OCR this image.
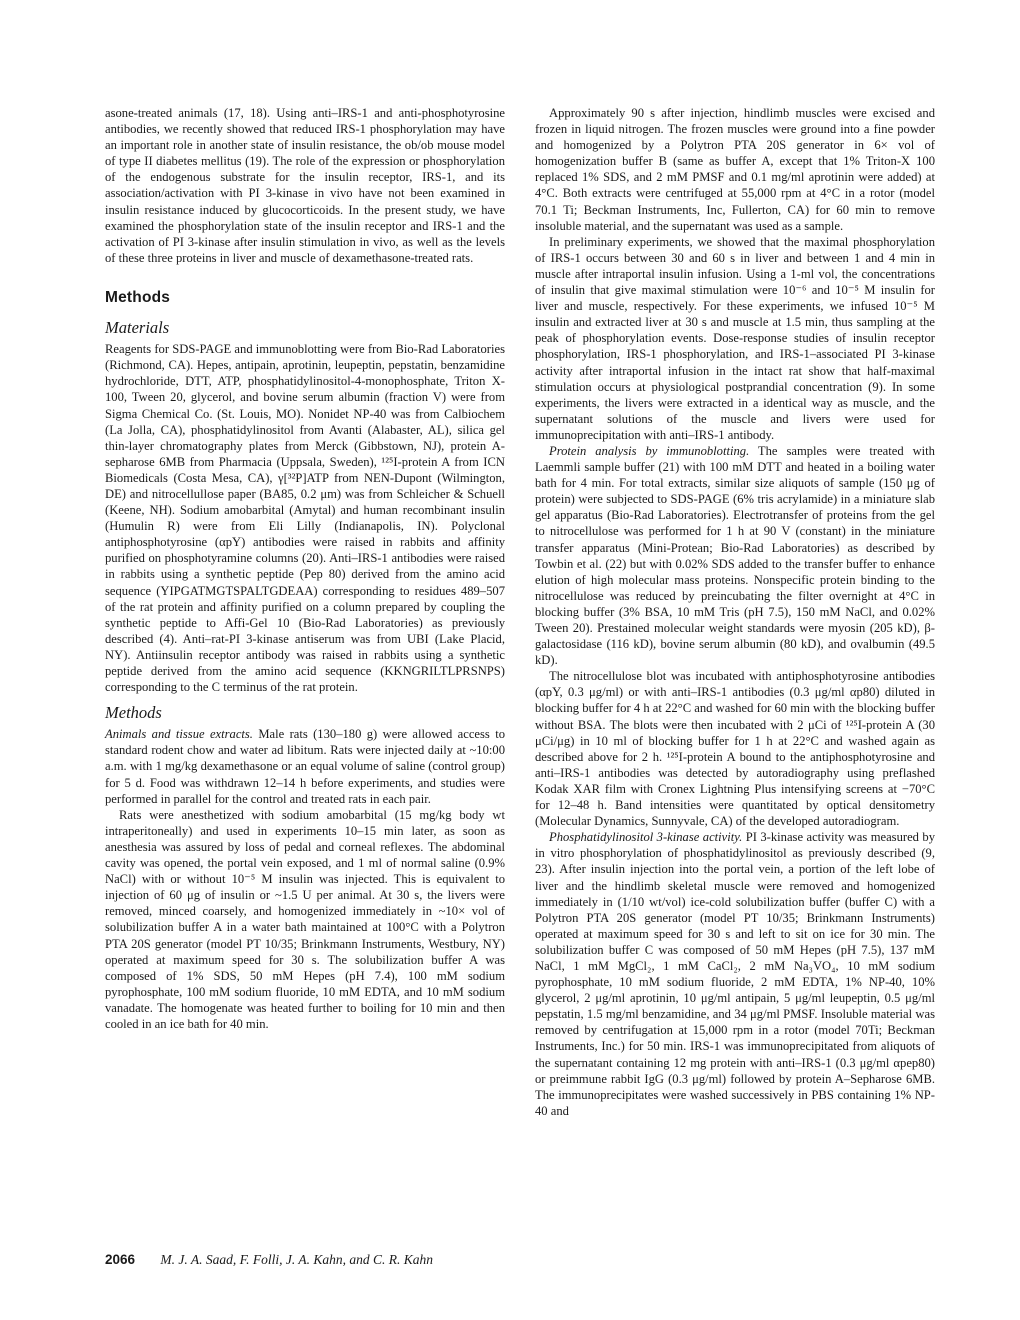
asone-treated animals (17, 18). Using anti–IRS-1 and anti-phosphotyrosine antibodies, we recently showed that reduced IRS-1 phosphorylation may have an important role in another state of insulin resistance, the ob/ob mouse model of type II diabetes mellitus (19). The role of the expression or phosphorylation of the endogenous substrate for the insulin receptor, IRS-1, and its association/activation with PI 3-kinase in vivo have not been examined in insulin resistance induced by glucocorticoids. In the present study, we have examined the phosphorylation state of the insulin receptor and IRS-1 and the activation of PI 3-kinase after insulin stimulation in vivo, as well as the levels of these three proteins in liver and muscle of dexamethasone-treated rats.

Methods
Materials

Reagents for SDS-PAGE and immunoblotting were from Bio-Rad Laboratories (Richmond, CA). Hepes, antipain, aprotinin, leupeptin, pepstatin, benzamidine hydrochloride, DTT, ATP, phosphatidylinositol-4-monophosphate, Triton X-100, Tween 20, glycerol, and bovine serum albumin (fraction V) were from Sigma Chemical Co. (St. Louis, MO). Nonidet NP-40 was from Calbiochem (La Jolla, CA), phosphatidylinositol from Avanti (Alabaster, AL), silica gel thin-layer chromatography plates from Merck (Gibbstown, NJ), protein A-sepharose 6MB from Pharmacia (Uppsala, Sweden), ¹²⁵I-protein A from ICN Biomedicals (Costa Mesa, CA), γ[³²P]ATP from NEN-Dupont (Wilmington, DE) and nitrocellullose paper (BA85, 0.2 μm) was from Schleicher & Schuell (Keene, NH). Sodium amobarbital (Amytal) and human recombinant insulin (Humulin R) were from Eli Lilly (Indianapolis, IN). Polyclonal antiphosphotyrosine (αpY) antibodies were raised in rabbits and affinity purified on phosphotyramine columns (20). Anti–IRS-1 antibodies were raised in rabbits using a synthetic peptide (Pep 80) derived from the amino acid sequence (YIPGATMGTSPALTGDEAA) corresponding to residues 489–507 of the rat protein and affinity purified on a column prepared by coupling the synthetic peptide to Affi-Gel 10 (Bio-Rad Laboratories) as previously described (4). Anti–rat-PI 3-kinase antiserum was from UBI (Lake Placid, NY). Antiinsulin receptor antibody was raised in rabbits using a synthetic peptide derived from the amino acid sequence (KKNGRILTLPRSNPS) corresponding to the C terminus of the rat protein.

Methods

Animals and tissue extracts. Male rats (130–180 g) were allowed access to standard rodent chow and water ad libitum. Rats were injected daily at ~10:00 a.m. with 1 mg/kg dexamethasone or an equal volume of saline (control group) for 5 d. Food was withdrawn 12–14 h before experiments, and studies were performed in parallel for the control and treated rats in each pair.

Rats were anesthetized with sodium amobarbital (15 mg/kg body wt intraperitoneally) and used in experiments 10–15 min later, as soon as anesthesia was assured by loss of pedal and corneal reflexes. The abdominal cavity was opened, the portal vein exposed, and 1 ml of normal saline (0.9% NaCl) with or without 10⁻⁵ M insulin was injected. This is equivalent to injection of 60 μg of insulin or ~1.5 U per animal. At 30 s, the livers were removed, minced coarsely, and homogenized immediately in ~10× vol of solubilization buffer A in a water bath maintained at 100°C with a Polytron PTA 20S generator (model PT 10/35; Brinkmann Instruments, Westbury, NY) operated at maximum speed for 30 s. The solubilization buffer A was composed of 1% SDS, 50 mM Hepes (pH 7.4), 100 mM sodium pyrophosphate, 100 mM sodium fluoride, 10 mM EDTA, and 10 mM sodium vanadate. The homogenate was heated further to boiling for 10 min and then cooled in an ice bath for 40 min.

Approximately 90 s after injection, hindlimb muscles were excised and frozen in liquid nitrogen. The frozen muscles were ground into a fine powder and homogenized by a Polytron PTA 20S generator in 6× vol of homogenization buffer B (same as buffer A, except that 1% Triton-X 100 replaced 1% SDS, and 2 mM PMSF and 0.1 mg/ml aprotinin were added) at 4°C. Both extracts were centrifuged at 55,000 rpm at 4°C in a rotor (model 70.1 Ti; Beckman Instruments, Inc, Fullerton, CA) for 60 min to remove insoluble material, and the supernatant was used as a sample.

In preliminary experiments, we showed that the maximal phosphorylation of IRS-1 occurs between 30 and 60 s in liver and between 1 and 4 min in muscle after intraportal insulin infusion. Using a 1-ml vol, the concentrations of insulin that give maximal stimulation were 10⁻⁶ and 10⁻⁵ M insulin for liver and muscle, respectively. For these experiments, we infused 10⁻⁵ M insulin and extracted liver at 30 s and muscle at 1.5 min, thus sampling at the peak of phosphorylation events. Dose-response studies of insulin receptor phosphorylation, IRS-1 phosphorylation, and IRS-1–associated PI 3-kinase activity after intraportal infusion in the intact rat show that half-maximal stimulation occurs at physiological postprandial concentration (9). In some experiments, the livers were extracted in a identical way as muscle, and the supernatant solutions of the muscle and livers were used for immunoprecipitation with anti–IRS-1 antibody.

Protein analysis by immunoblotting. The samples were treated with Laemmli sample buffer (21) with 100 mM DTT and heated in a boiling water bath for 4 min. For total extracts, similar size aliquots of sample (150 μg of protein) were subjected to SDS-PAGE (6% tris acrylamide) in a miniature slab gel apparatus (Bio-Rad Laboratories). Electrotransfer of proteins from the gel to nitrocellulose was performed for 1 h at 90 V (constant) in the miniature transfer apparatus (Mini-Protean; Bio-Rad Laboratories) as described by Towbin et al. (22) but with 0.02% SDS added to the transfer buffer to enhance elution of high molecular mass proteins. Nonspecific protein binding to the nitrocellulose was reduced by preincubating the filter overnight at 4°C in blocking buffer (3% BSA, 10 mM Tris (pH 7.5), 150 mM NaCl, and 0.02% Tween 20). Prestained molecular weight standards were myosin (205 kD), β-galactosidase (116 kD), bovine serum albumin (80 kD), and ovalbumin (49.5 kD).

The nitrocellulose blot was incubated with antiphosphotyrosine antibodies (αpY, 0.3 μg/ml) or with anti–IRS-1 antibodies (0.3 μg/ml αp80) diluted in blocking buffer for 4 h at 22°C and washed for 60 min with the blocking buffer without BSA. The blots were then incubated with 2 μCi of ¹²⁵I-protein A (30 μCi/μg) in 10 ml of blocking buffer for 1 h at 22°C and washed again as described above for 2 h. ¹²⁵I-protein A bound to the antiphosphotyrosine and anti–IRS-1 antibodies was detected by autoradiography using preflashed Kodak XAR film with Cronex Lightning Plus intensifying screens at −70°C for 12–48 h. Band intensities were quantitated by optical densitometry (Molecular Dynamics, Sunnyvale, CA) of the developed autoradiogram.

Phosphatidylinositol 3-kinase activity. PI 3-kinase activity was measured by in vitro phosphorylation of phosphatidylinositol as previously described (9, 23). After insulin injection into the portal vein, a portion of the left lobe of liver and the hindlimb skeletal muscle were removed and homogenized immediately in (1/10 wt/vol) ice-cold solubilization buffer (buffer C) with a Polytron PTA 20S generator (model PT 10/35; Brinkmann Instruments) operated at maximum speed for 30 s and left to sit on ice for 30 min. The solubilization buffer C was composed of 50 mM Hepes (pH 7.5), 137 mM NaCl, 1 mM MgCl₂, 1 mM CaCl₂, 2 mM Na₃VO₄, 10 mM sodium pyrophosphate, 10 mM sodium fluoride, 2 mM EDTA, 1% NP-40, 10% glycerol, 2 μg/ml aprotinin, 10 μg/ml antipain, 5 μg/ml leupeptin, 0.5 μg/ml pepstatin, 1.5 mg/ml benzamidine, and 34 μg/ml PMSF. Insoluble material was removed by centrifugation at 15,000 rpm in a rotor (model 70Ti; Beckman Instruments, Inc.) for 50 min. IRS-1 was immunoprecipitated from aliquots of the supernatant containing 12 mg protein with anti–IRS-1 (0.3 μg/ml αpep80) or preimmune rabbit IgG (0.3 μg/ml) followed by protein A–Sepharose 6MB. The immunoprecipitates were washed successively in PBS containing 1% NP-40 and

2066 M. J. A. Saad, F. Folli, J. A. Kahn, and C. R. Kahn
